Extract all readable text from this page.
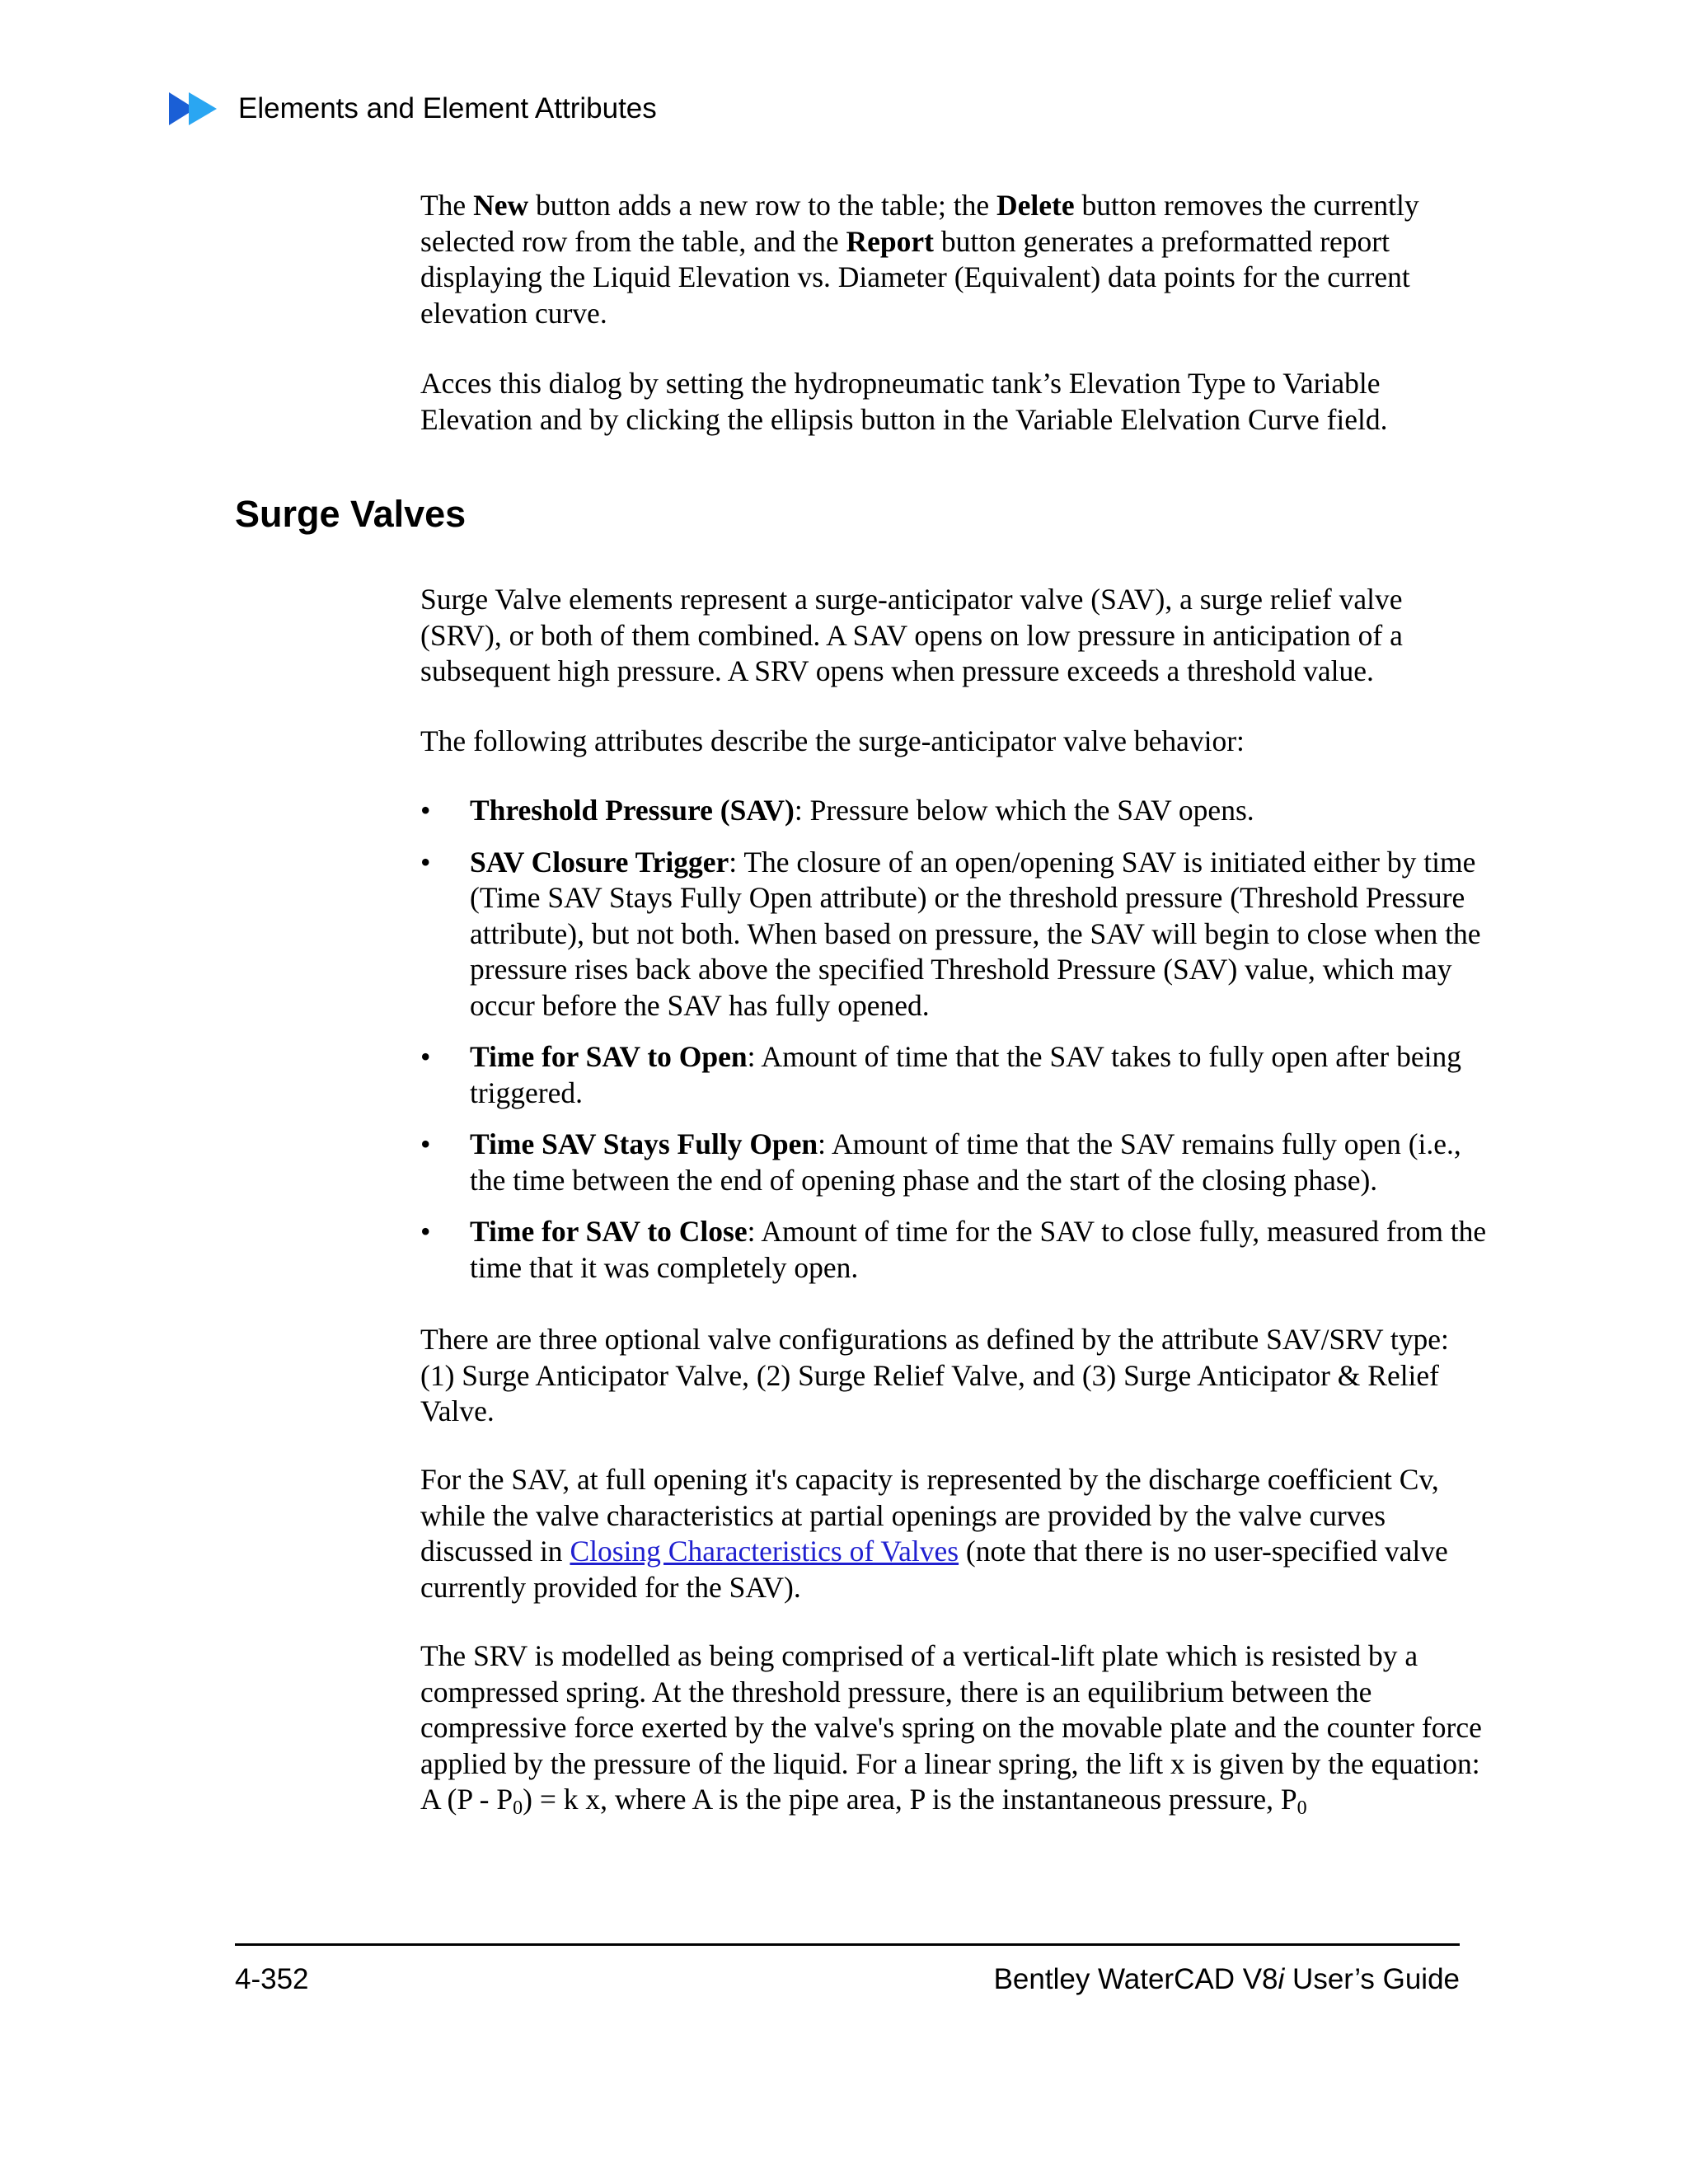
Elements and Element Attributes

The New button adds a new row to the table; the Delete button removes the currently selected row from the table, and the Report button generates a preformatted report displaying the Liquid Elevation vs. Diameter (Equivalent) data points for the current elevation curve.

Acces this dialog by setting the hydropneumatic tank’s Elevation Type to Variable Elevation and by clicking the ellipsis button in the Variable Elelvation Curve field.

Surge Valves

Surge Valve elements represent a surge-anticipator valve (SAV), a surge relief valve (SRV), or both of them combined. A SAV opens on low pressure in anticipation of a subsequent high pressure. A SRV opens when pressure exceeds a threshold value.

The following attributes describe the surge-anticipator valve behavior:

• Threshold Pressure (SAV): Pressure below which the SAV opens.
• SAV Closure Trigger: The closure of an open/opening SAV is initiated either by time (Time SAV Stays Fully Open attribute) or the threshold pressure (Threshold Pressure attribute), but not both. When based on pressure, the SAV will begin to close when the pressure rises back above the specified Threshold Pressure (SAV) value, which may occur before the SAV has fully opened.
• Time for SAV to Open: Amount of time that the SAV takes to fully open after being triggered.
• Time SAV Stays Fully Open: Amount of time that the SAV remains fully open (i.e., the time between the end of opening phase and the start of the closing phase).
• Time for SAV to Close: Amount of time for the SAV to close fully, measured from the time that it was completely open.

There are three optional valve configurations as defined by the attribute SAV/SRV type: (1) Surge Anticipator Valve, (2) Surge Relief Valve, and (3) Surge Anticipator & Relief Valve.

For the SAV, at full opening it's capacity is represented by the discharge coefficient Cv, while the valve characteristics at partial openings are provided by the valve curves discussed in Closing Characteristics of Valves (note that there is no user-specified valve currently provided for the SAV).

The SRV is modelled as being comprised of a vertical-lift plate which is resisted by a compressed spring. At the threshold pressure, there is an equilibrium between the compressive force exerted by the valve's spring on the movable plate and the counter force applied by the pressure of the liquid. For a linear spring, the lift x is given by the equation: A $(P - P_0) = k$ x, where A is the pipe area, P is the instantaneous pressure, $P_0$

4-352	Bentley WaterCAD V8i User’s Guide
